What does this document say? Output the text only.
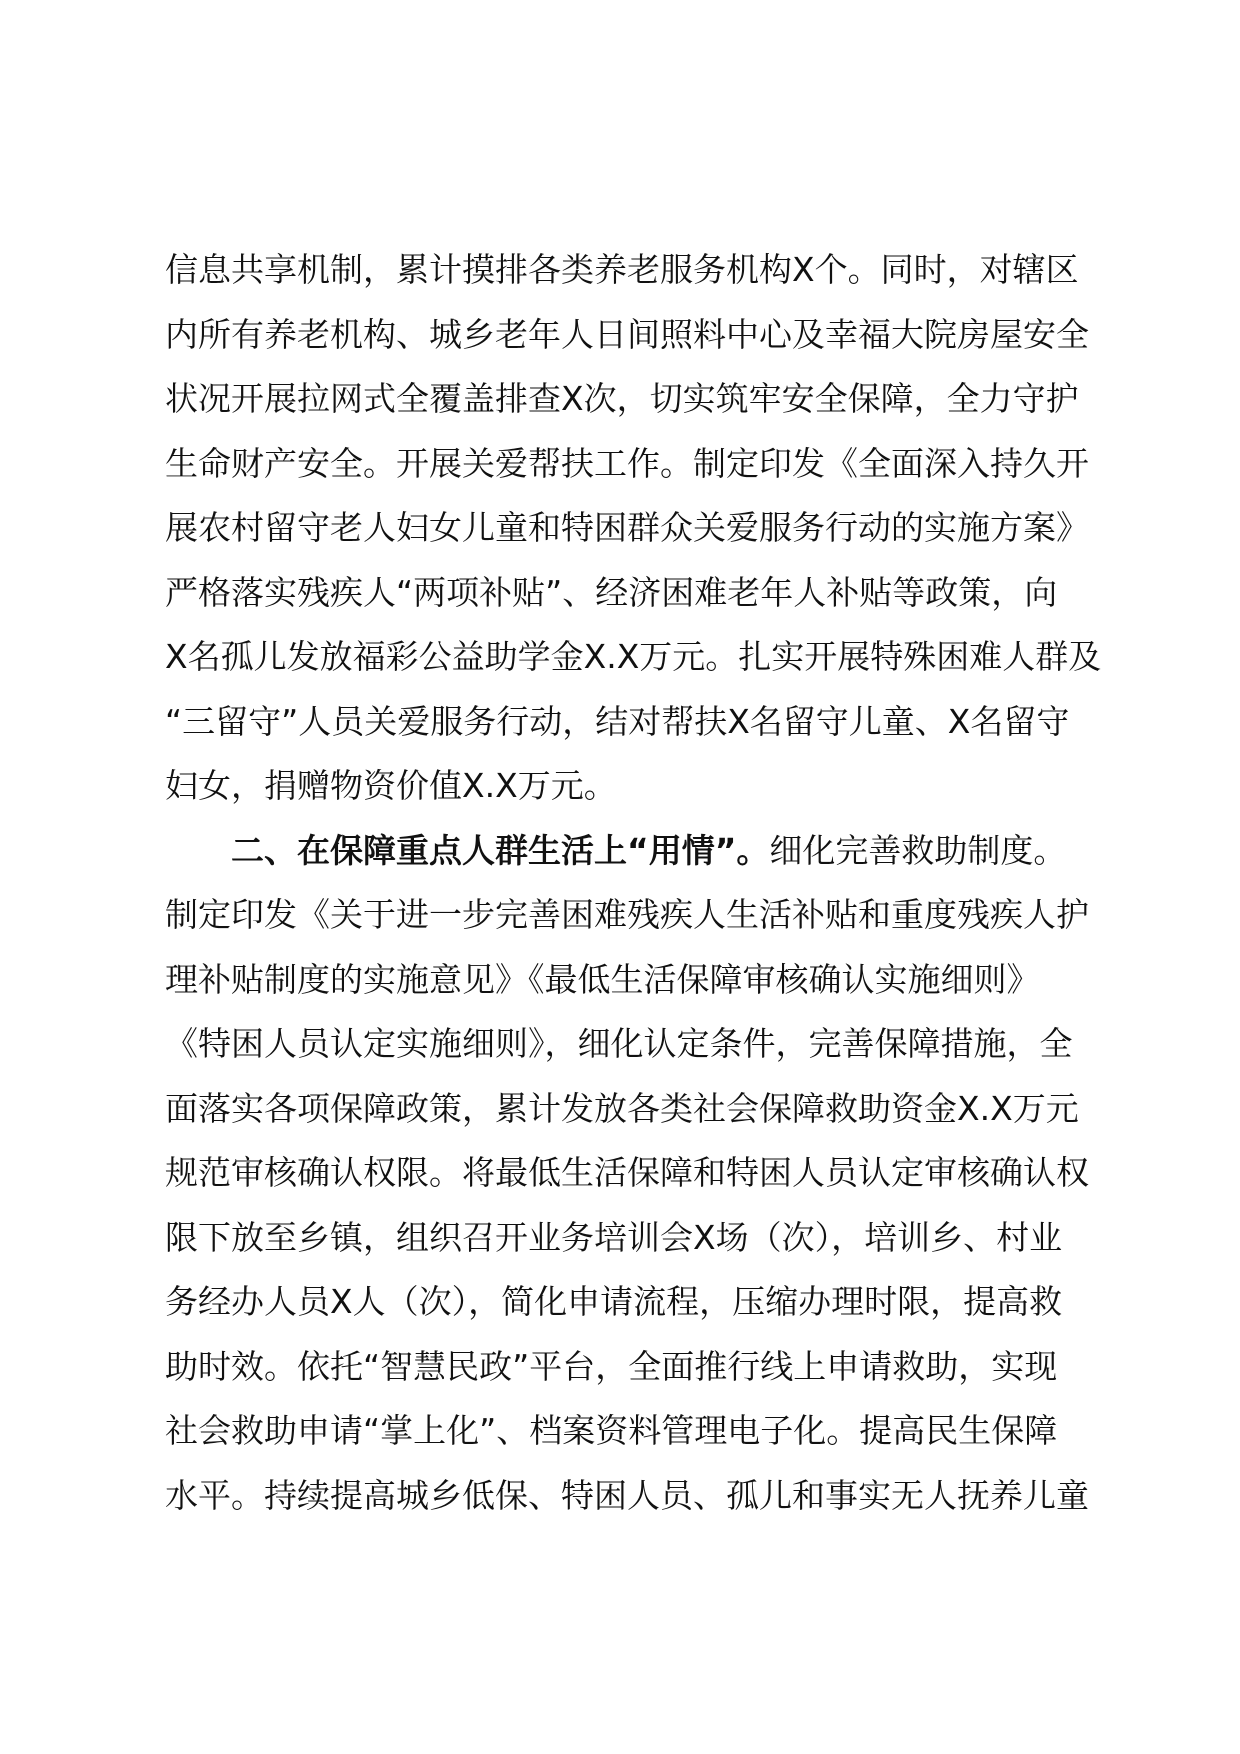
信息共享机制，累计摸排各类养老服务机构X个。同时，对辖区
内所有养老机构、城乡老年人日间照料中心及幸福大院房屋安全
状况开展拉网式全覆盖排查X次，切实筑牢安全保障，全力守护
生命财产安全。开展关爱帮扶工作。制定印发《全面深入持久开
展农村留守老人妇女儿童和特困群众关爱服务行动的实施方案》
严格落实残疾人“两项补贴”、经济困难老年人补贴等政策，向
X名孤儿发放福彩公益助学金X.X万元。扎实开展特殊困难人群及
“三留守”人员关爱服务行动，结对帮扶X名留守儿童、X名留守
妇女，捐赠物资价值X.X万元。
二、在保障重点人群生活上“用情”。细化完善救助制度。
制定印发《关于进一步完善困难残疾人生活补贴和重度残疾人护
理补贴制度的实施意见》《最低生活保障审核确认实施细则》
《特困人员认定实施细则》，细化认定条件，完善保障措施，全
面落实各项保障政策，累计发放各类社会保障救助资金X.X万元
规范审核确认权限。将最低生活保障和特困人员认定审核确认权
限下放至乡镇，组织召开业务培训会X场（次），培训乡、村业
务经办人员X人（次），简化申请流程，压缩办理时限，提高救
助时效。依托“智慧民政”平台，全面推行线上申请救助，实现
社会救助申请“掌上化”、档案资料管理电子化。提高民生保障
水平。持续提高城乡低保、特困人员、孤儿和事实无人抚养儿童
